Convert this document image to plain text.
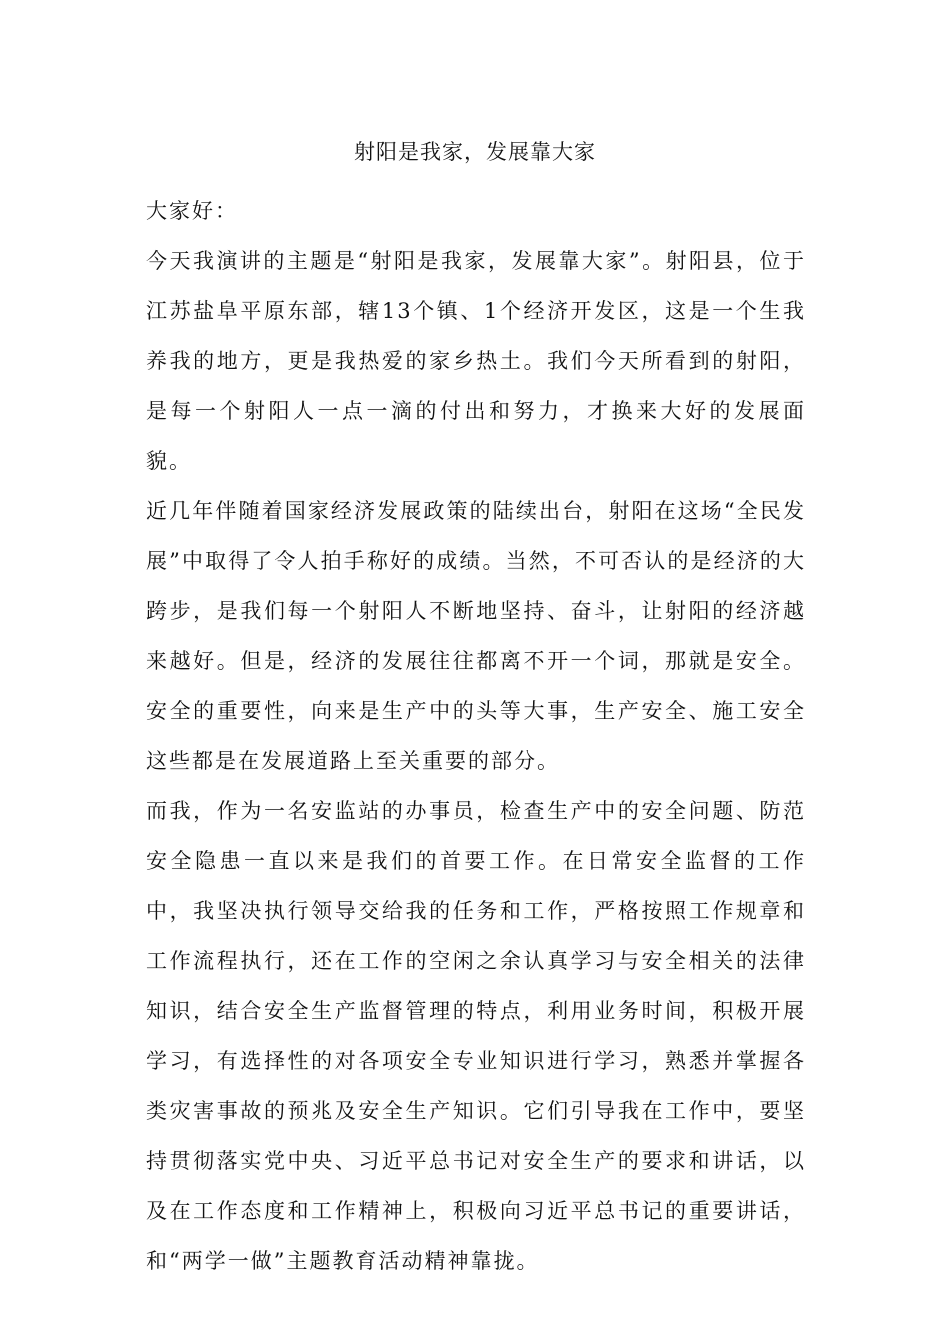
射阳是我家，发展靠大家

大家好：

今天我演讲的主题是“射阳是我家，发展靠大家”。射阳县，位于江苏盐阜平原东部，辖13个镇、1个经济开发区，这是一个生我养我的地方，更是我热爱的家乡热土。我们今天所看到的射阳，是每一个射阳人一点一滴的付出和努力，才换来大好的发展面貌。

近几年伴随着国家经济发展政策的陆续出台，射阳在这场“全民发展”中取得了令人拍手称好的成绩。当然，不可否认的是经济的大跨步，是我们每一个射阳人不断地坚持、奋斗，让射阳的经济越来越好。但是，经济的发展往往都离不开一个词，那就是安全。安全的重要性，向来是生产中的头等大事，生产安全、施工安全这些都是在发展道路上至关重要的部分。

而我，作为一名安监站的办事员，检查生产中的安全问题、防范安全隐患一直以来是我们的首要工作。在日常安全监督的工作中，我坚决执行领导交给我的任务和工作，严格按照工作规章和工作流程执行，还在工作的空闲之余认真学习与安全相关的法律知识，结合安全生产监督管理的特点，利用业务时间，积极开展学习，有选择性的对各项安全专业知识进行学习，熟悉并掌握各类灾害事故的预兆及安全生产知识。它们引导我在工作中，要坚持贯彻落实党中央、习近平总书记对安全生产的要求和讲话，以及在工作态度和工作精神上，积极向习近平总书记的重要讲话，和“两学一做”主题教育活动精神靠拢。
